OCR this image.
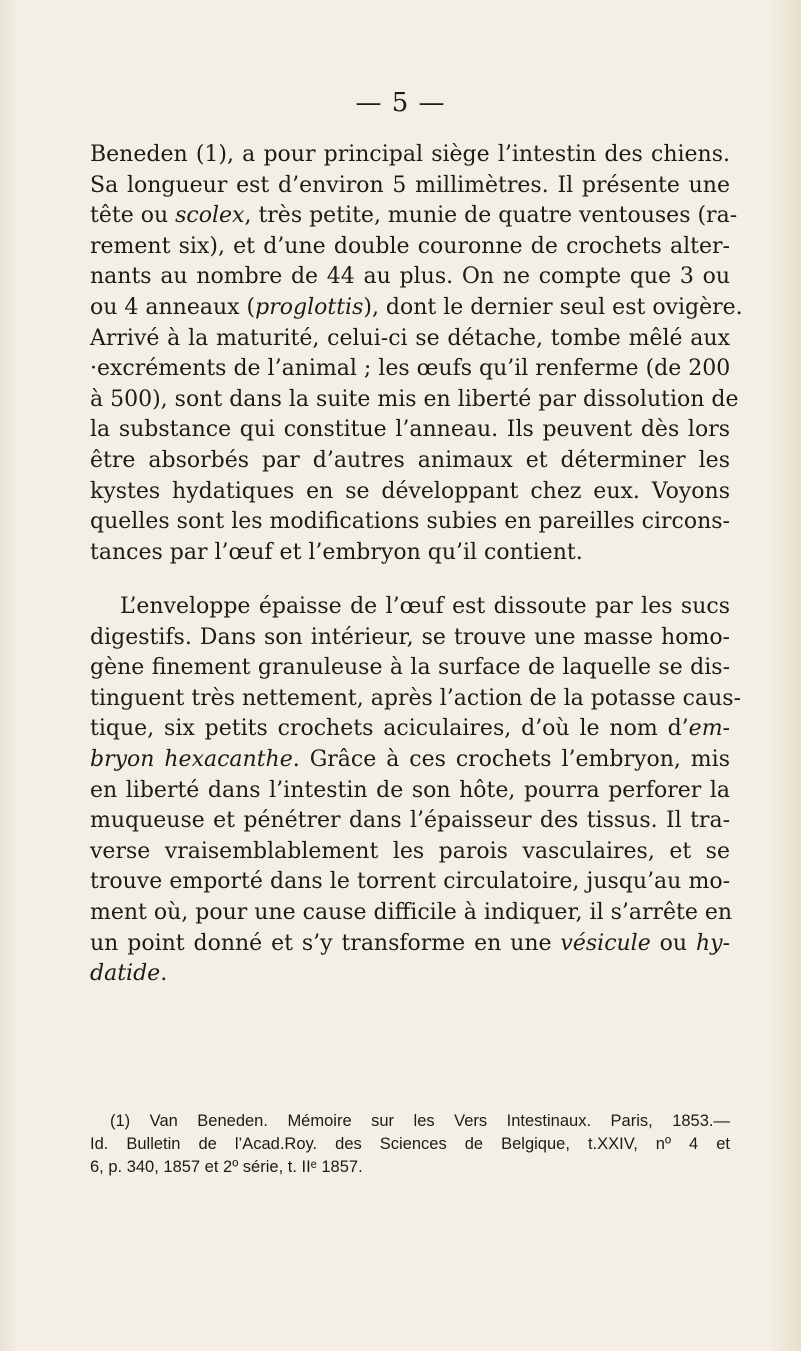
— 5 —
Beneden (1), a pour principal siège l’intestin des chiens.
Sa longueur est d’environ 5 millimètres. Il présente une
tête ou scolex, très petite, munie de quatre ventouses (ra-
rement six), et d’une double couronne de crochets alter-
nants au nombre de 44 au plus. On ne compte que 3 ou
ou 4 anneaux (proglottis), dont le dernier seul est ovigère.
Arrivé à la maturité, celui-ci se détache, tombe mêlé aux
·excréments de l’animal ; les œufs qu’il renferme (de 200
à 500), sont dans la suite mis en liberté par dissolution de
la substance qui constitue l’anneau. Ils peuvent dès lors
être absorbés par d’autres animaux et déterminer les
kystes hydatiques en se développant chez eux. Voyons
quelles sont les modifications subies en pareilles circons-
tances par l’œuf et l’embryon qu’il contient.
L’enveloppe épaisse de l’œuf est dissoute par les sucs
digestifs. Dans son intérieur, se trouve une masse homo-
gène finement granuleuse à la surface de laquelle se dis-
tinguent très nettement, après l’action de la potasse caus-
tique, six petits crochets aciculaires, d’où le nom d’em-
bryon hexacanthe. Grâce à ces crochets l’embryon, mis
en liberté dans l’intestin de son hôte, pourra perforer la
muqueuse et pénétrer dans l’épaisseur des tissus. Il tra-
verse vraisemblablement les parois vasculaires, et se
trouve emporté dans le torrent circulatoire, jusqu’au mo-
ment où, pour une cause difficile à indiquer, il s’arrête en
un point donné et s’y transforme en une vésicule ou hy-
datide.
(1) Van Beneden. Mémoire sur les Vers Intestinaux. Paris, 1853.—
Id. Bulletin de l’Acad.Roy. des Sciences de Belgique, t.XXIV, nº 4 et
6, p. 340, 1857 et 2º série, t. IIᵉ 1857.
